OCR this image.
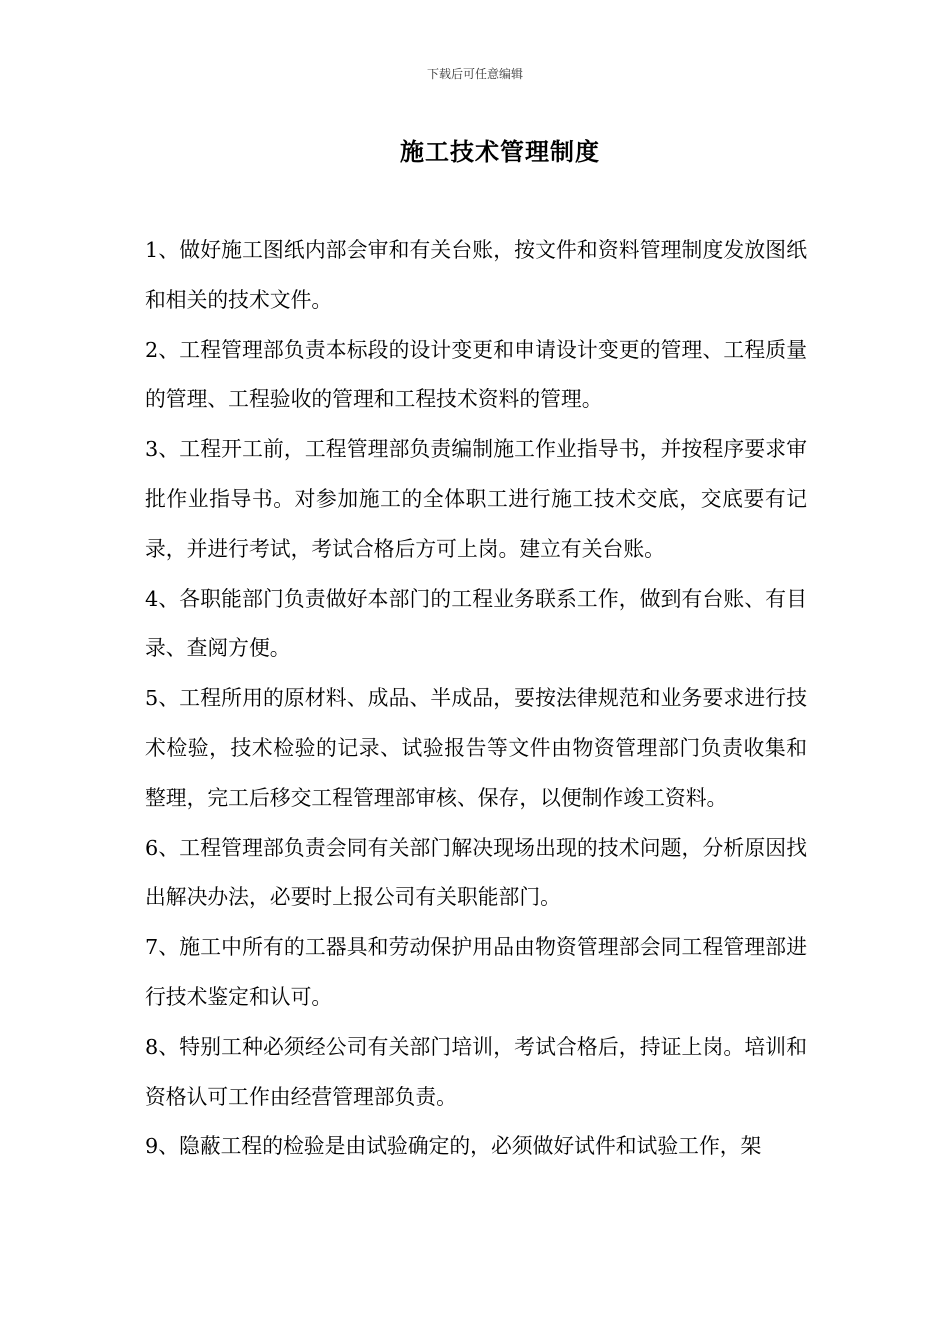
下载后可任意编辑
施工技术管理制度

1、做好施工图纸内部会审和有关台账，按文件和资料管理制度发放图纸和相关的技术文件。

2、工程管理部负责本标段的设计变更和申请设计变更的管理、工程质量的管理、工程验收的管理和工程技术资料的管理。

3、工程开工前，工程管理部负责编制施工作业指导书，并按程序要求审批作业指导书。对参加施工的全体职工进行施工技术交底，交底要有记录，并进行考试，考试合格后方可上岗。建立有关台账。

4、各职能部门负责做好本部门的工程业务联系工作，做到有台账、有目录、查阅方便。

5、工程所用的原材料、成品、半成品，要按法律规范和业务要求进行技术检验，技术检验的记录、试验报告等文件由物资管理部门负责收集和整理，完工后移交工程管理部审核、保存，以便制作竣工资料。

6、工程管理部负责会同有关部门解决现场出现的技术问题，分析原因找出解决办法，必要时上报公司有关职能部门。

7、施工中所有的工器具和劳动保护用品由物资管理部会同工程管理部进行技术鉴定和认可。

8、特别工种必须经公司有关部门培训，考试合格后，持证上岗。培训和资格认可工作由经营管理部负责。

9、隐蔽工程的检验是由试验确定的，必须做好试件和试验工作，架
